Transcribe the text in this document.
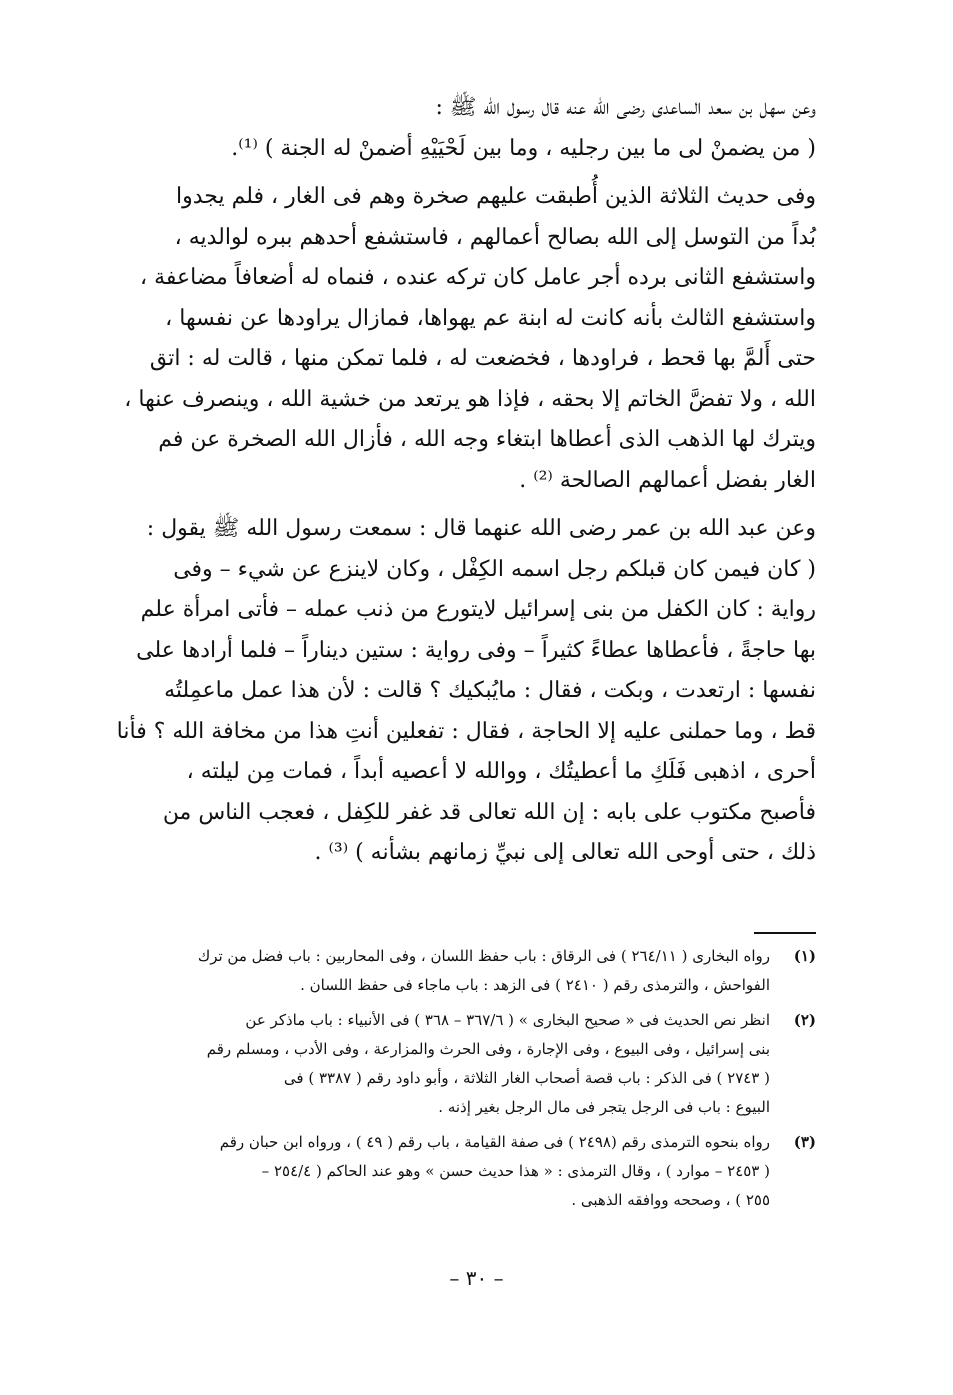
وعن سهل بن سعد الساعدى رضى الله عنه قال رسول الله ﷺ :
( من يضمنْ لى ما بين رجليه ، وما بين لَحْيَيْهِ أضمنْ له الجنة ) ⁽¹⁾.

وفى حديث الثلاثة الذين أُطبقت عليهم صخرة وهم فى الغار ، فلم يجدوا
بُداً من التوسل إلى الله بصالح أعمالهم ، فاستشفع أحدهم ببره لوالديه ،
واستشفع الثانى برده أجر عامل كان تركه عنده ، فنماه له أضعافاً مضاعفة ،
واستشفع الثالث بأنه كانت له ابنة عم يهواها، فمازال يراودها عن نفسها ،
حتى أَلمَّ بها قحط ، فراودها ، فخضعت له ، فلما تمكن منها ، قالت له : اتق
الله ، ولا تفضَّ الخاتم إلا بحقه ، فإذا هو يرتعد من خشية الله ، وينصرف عنها ،
ويترك لها الذهب الذى أعطاها ابتغاء وجه الله ، فأزال الله الصخرة عن فم
الغار بفضل أعمالهم الصالحة ⁽²⁾ .

وعن عبد الله بن عمر رضى الله عنهما قال : سمعت رسول الله ﷺ يقول :
( كان فيمن كان قبلكم رجل اسمه الكِفْل ، وكان لاينزع عن شيء – وفى
رواية : كان الكفل من بنى إسرائيل لايتورع من ذنب عمله – فأتى امرأة علم
بها حاجةً ، فأعطاها عطاءً كثيراً – وفى رواية : ستين ديناراً – فلما أرادها على
نفسها : ارتعدت ، وبكت ، فقال : مايُبكيك ؟ قالت : لأن هذا عمل ماعمِلتُه
قط ، وما حملنى عليه إلا الحاجة ، فقال : تفعلين أنتِ هذا من مخافة الله ؟ فأنا
أحرى ، اذهبى فَلَكِ ما أعطيتُك ، ووالله لا أعصيه أبداً ، فمات مِن ليلته ،
فأصبح مكتوب على بابه : إن الله تعالى قد غفر للكِفل ، فعجب الناس من
ذلك ، حتى أوحى الله تعالى إلى نبيِّ زمانهم بشأنه ) ⁽³⁾ .

(١)
رواه البخارى ( ٢٦٤/١١ ) فى الرقاق : باب حفظ اللسان ، وفى المحاربين : باب فضل من ترك
الفواحش ، والترمذى رقم ( ٢٤١٠ ) فى الزهد : باب ماجاء فى حفظ اللسان .
(٢)
انظر نص الحديث فى « صحيح البخارى » ( ٣٦٧/٦ – ٣٦٨ ) فى الأنبياء : باب ماذكر عن
بنى إسرائيل ، وفى البيوع ، وفى الإجارة ، وفى الحرث والمزارعة ، وفى الأدب ، ومسلم رقم
( ٢٧٤٣ ) فى الذكر : باب قصة أصحاب الغار الثلاثة ، وأبو داود رقم ( ٣٣٨٧ ) فى
البيوع : باب فى الرجل يتجر فى مال الرجل بغير إذنه .
(٣)
رواه بنحوه الترمذى رقم (٢٤٩٨ ) فى صفة القيامة ، باب رقم ( ٤٩ ) ، ورواه ابن حبان رقم
( ٢٤٥٣ – موارد ) ، وقال الترمذى : « هذا حديث حسن » وهو عند الحاكم ( ٢٥٤/٤ –
٢٥٥ ) ، وصححه ووافقه الذهبى .
– ٣٠ –
